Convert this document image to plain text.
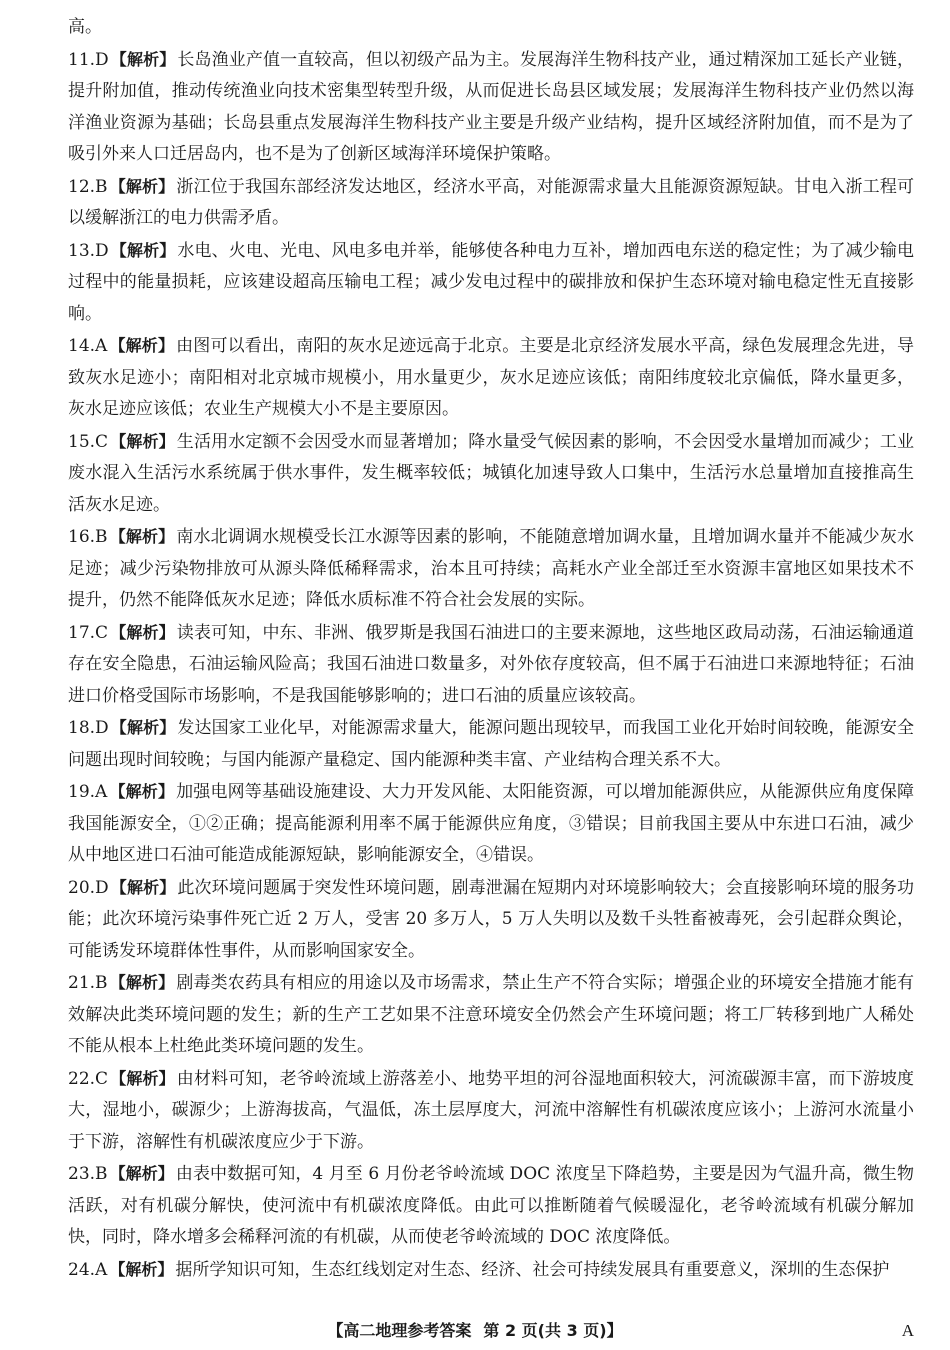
高。

11.D 【解析】 长岛渔业产值一直较高，但以初级产品为主。发展海洋生物科技产业，通过精深加工延长产业链，提升附加值，推动传统渔业向技术密集型转型升级，从而促进长岛县区域发展；发展海洋生物科技产业仍然以海洋渔业资源为基础；长岛县重点发展海洋生物科技产业主要是升级产业结构，提升区域经济附加值，而不是为了吸引外来人口迁居岛内，也不是为了创新区域海洋环境保护策略。

12.B 【解析】 浙江位于我国东部经济发达地区，经济水平高，对能源需求量大且能源资源短缺。甘电入浙工程可以缓解浙江的电力供需矛盾。

13.D 【解析】 水电、火电、光电、风电多电并举，能够使各种电力互补，增加西电东送的稳定性；为了减少输电过程中的能量损耗，应该建设超高压输电工程；减少发电过程中的碳排放和保护生态环境对输电稳定性无直接影响。

14.A 【解析】 由图可以看出，南阳的灰水足迹远高于北京。主要是北京经济发展水平高，绿色发展理念先进，导致灰水足迹小；南阳相对北京城市规模小，用水量更少，灰水足迹应该低；南阳纬度较北京偏低，降水量更多，灰水足迹应该低；农业生产规模大小不是主要原因。

15.C 【解析】 生活用水定额不会因受水而显著增加；降水量受气候因素的影响，不会因受水量增加而减少；工业废水混入生活污水系统属于供水事件，发生概率较低；城镇化加速导致人口集中，生活污水总量增加直接推高生活灰水足迹。

16.B 【解析】 南水北调调水规模受长江水源等因素的影响，不能随意增加调水量，且增加调水量并不能减少灰水足迹；减少污染物排放可从源头降低稀释需求，治本且可持续；高耗水产业全部迁至水资源丰富地区如果技术不提升，仍然不能降低灰水足迹；降低水质标准不符合社会发展的实际。

17.C 【解析】 读表可知，中东、非洲、俄罗斯是我国石油进口的主要来源地，这些地区政局动荡，石油运输通道存在安全隐患，石油运输风险高；我国石油进口数量多，对外依存度较高，但不属于石油进口来源地特征；石油进口价格受国际市场影响，不是我国能够影响的；进口石油的质量应该较高。

18.D 【解析】 发达国家工业化早，对能源需求量大，能源问题出现较早，而我国工业化开始时间较晚，能源安全问题出现时间较晚；与国内能源产量稳定、国内能源种类丰富、产业结构合理关系不大。

19.A 【解析】 加强电网等基础设施建设、大力开发风能、太阳能资源，可以增加能源供应，从能源供应角度保障我国能源安全，①②正确；提高能源利用率不属于能源供应角度，③错误；目前我国主要从中东进口石油，减少从中地区进口石油可能造成能源短缺，影响能源安全，④错误。

20.D 【解析】 此次环境问题属于突发性环境问题，剧毒泄漏在短期内对环境影响较大；会直接影响环境的服务功能；此次环境污染事件死亡近 2 万人，受害 20 多万人，5 万人失明以及数千头牲畜被毒死，会引起群众舆论，可能诱发环境群体性事件，从而影响国家安全。

21.B 【解析】 剧毒类农药具有相应的用途以及市场需求，禁止生产不符合实际；增强企业的环境安全措施才能有效解决此类环境问题的发生；新的生产工艺如果不注意环境安全仍然会产生环境问题；将工厂转移到地广人稀处不能从根本上杜绝此类环境问题的发生。

22.C 【解析】 由材料可知，老爷岭流域上游落差小、地势平坦的河谷湿地面积较大，河流碳源丰富，而下游坡度大，湿地小，碳源少；上游海拔高，气温低，冻土层厚度大，河流中溶解性有机碳浓度应该小；上游河水流量小于下游，溶解性有机碳浓度应少于下游。

23.B 【解析】 由表中数据可知，4 月至 6 月份老爷岭流域 DOC 浓度呈下降趋势，主要是因为气温升高，微生物活跃，对有机碳分解快，使河流中有机碳浓度降低。由此可以推断随着气候暖湿化，老爷岭流域有机碳分解加快，同时，降水增多会稀释河流的有机碳，从而使老爷岭流域的 DOC 浓度降低。

24.A 【解析】 据所学知识可知，生态红线划定对生态、经济、社会可持续发展具有重要意义，深圳的生态保护

【高二地理参考答案 第 2 页(共 3 页)】	A
